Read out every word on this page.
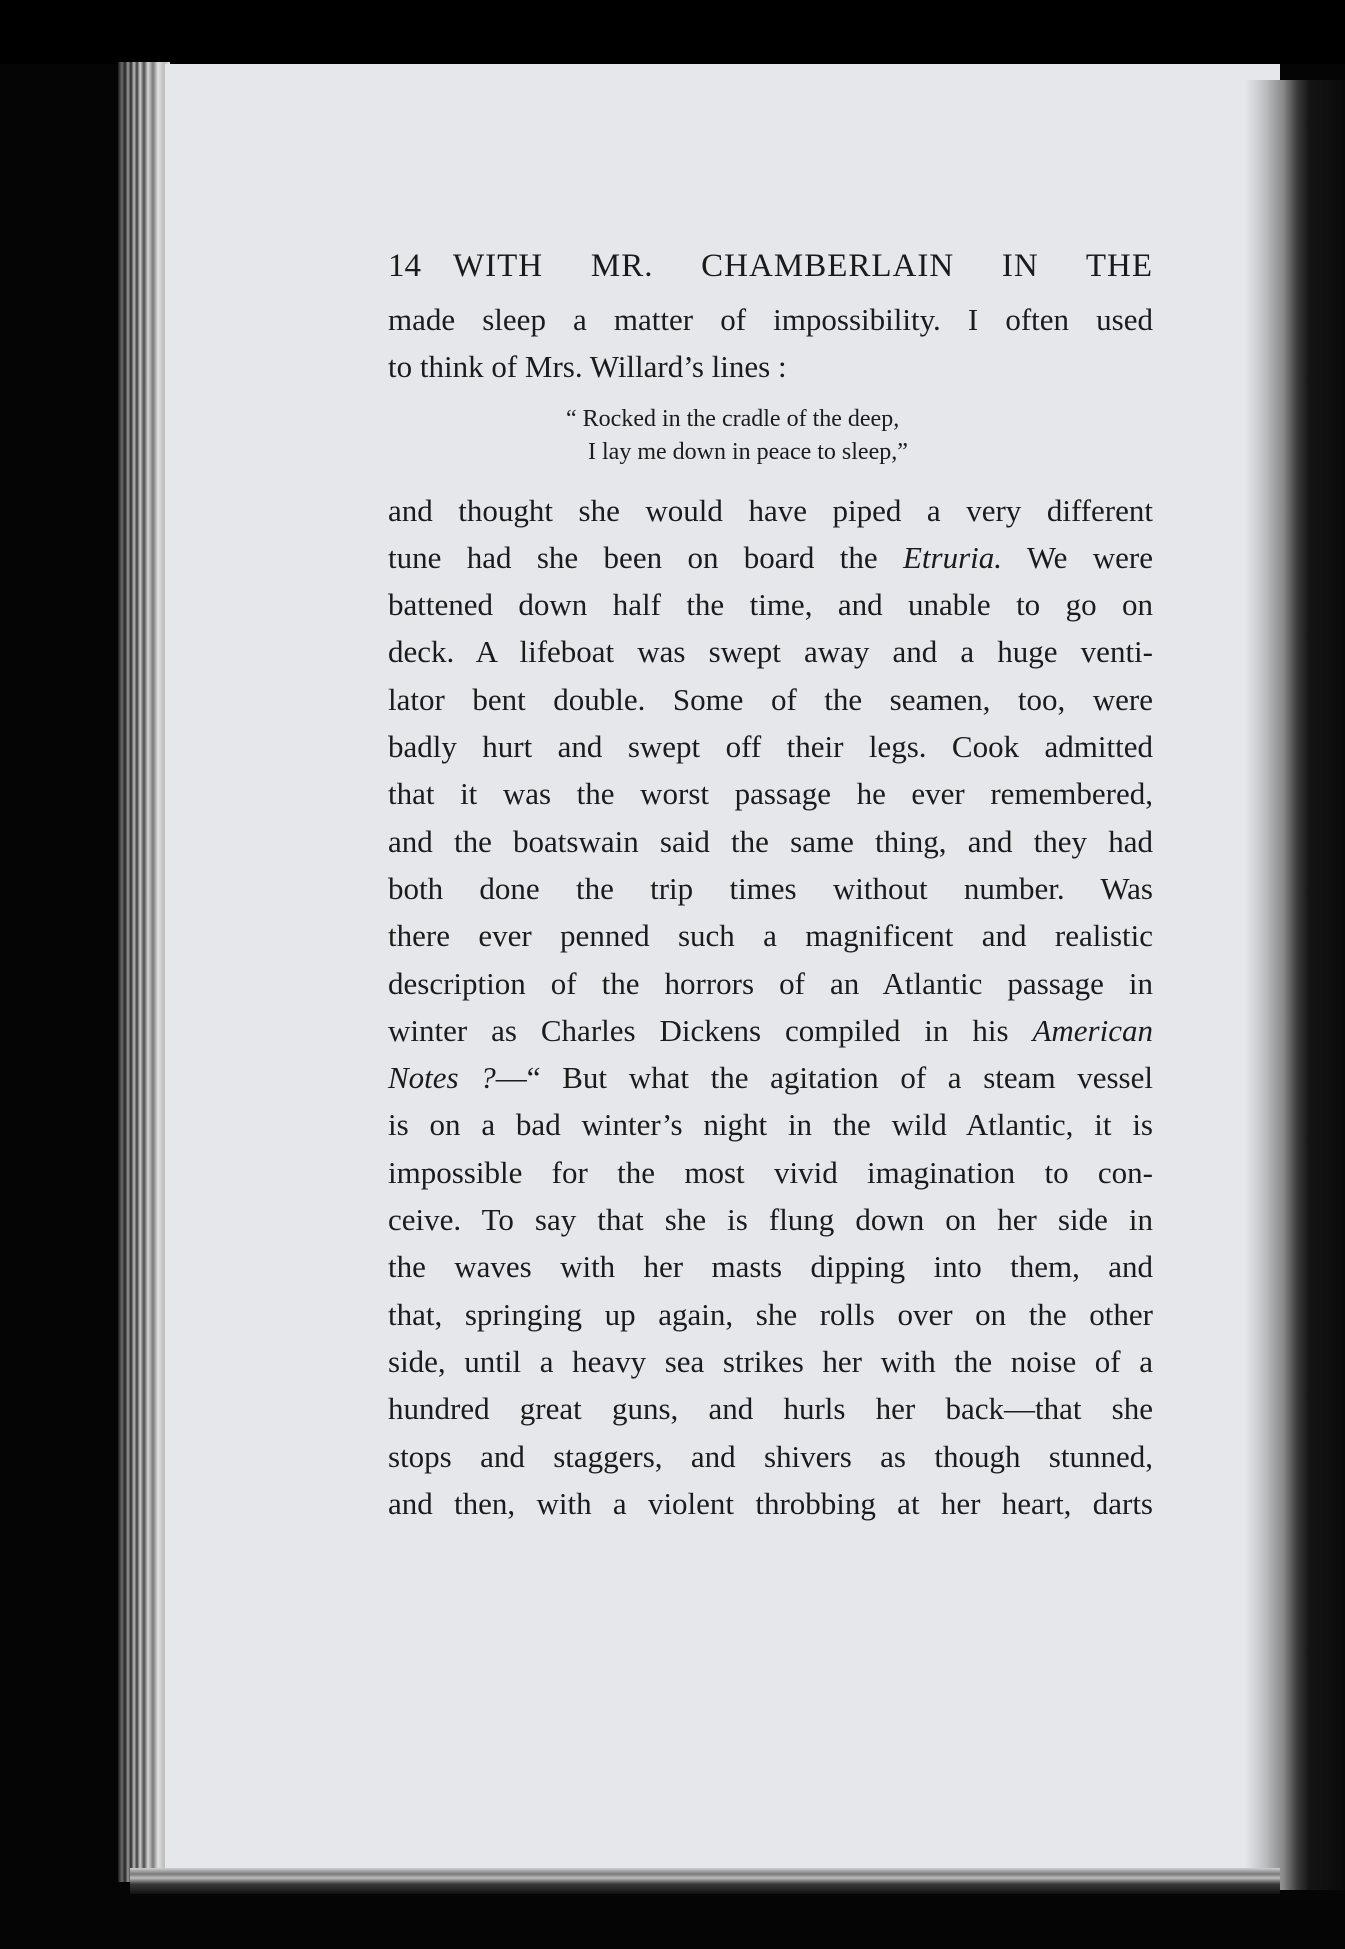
14 WITH MR. CHAMBERLAIN IN THE
made sleep a matter of impossibility. I often used
to think of Mrs. Willard’s lines :
“ Rocked in the cradle of the deep,
I lay me down in peace to sleep,”
and thought she would have piped a very different
tune had she been on board the Etruria. We were
battened down half the time, and unable to go on
deck. A lifeboat was swept away and a huge venti-
lator bent double. Some of the seamen, too, were
badly hurt and swept off their legs. Cook admitted
that it was the worst passage he ever remembered,
and the boatswain said the same thing, and they had
both done the trip times without number. Was
there ever penned such a magnificent and realistic
description of the horrors of an Atlantic passage in
winter as Charles Dickens compiled in his American
Notes ?—“ But what the agitation of a steam vessel
is on a bad winter’s night in the wild Atlantic, it is
impossible for the most vivid imagination to con-
ceive. To say that she is flung down on her side in
the waves with her masts dipping into them, and
that, springing up again, she rolls over on the other
side, until a heavy sea strikes her with the noise of a
hundred great guns, and hurls her back—that she
stops and staggers, and shivers as though stunned,
and then, with a violent throbbing at her heart, darts
